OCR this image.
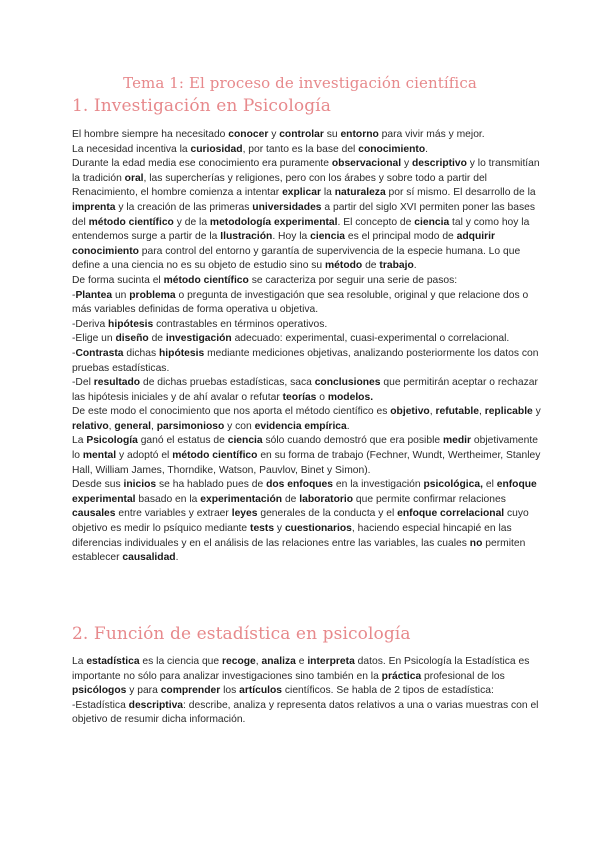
Tema 1: El proceso de investigación científica
1. Investigación en Psicología

El hombre siempre ha necesitado conocer y controlar su entorno para vivir más y mejor.

La necesidad incentiva la curiosidad, por tanto es la base del conocimiento.

Durante la edad media ese conocimiento era puramente observacional y descriptivo y lo transmitían la tradición oral, las supercherías y religiones, pero con los árabes y sobre todo a partir del Renacimiento, el hombre comienza a intentar explicar la naturaleza por sí mismo. El desarrollo de la imprenta y la creación de las primeras universidades a partir del siglo XVI permiten poner las bases del método científico y de la metodología experimental. El concepto de ciencia tal y como hoy la entendemos surge a partir de la Ilustración. Hoy la ciencia es el principal modo de adquirir conocimiento para control del entorno y garantía de supervivencia de la especie humana. Lo que define a una ciencia no es su objeto de estudio sino su método de trabajo.

De forma sucinta el método científico se caracteriza por seguir una serie de pasos:

-Plantea un problema o pregunta de investigación que sea resoluble, original y que relacione dos o más variables definidas de forma operativa u objetiva.

-Deriva hipótesis contrastables en términos operativos.

-Elige un diseño de investigación adecuado: experimental, cuasi-experimental o correlacional.

-Contrasta dichas hipótesis mediante mediciones objetivas, analizando posteriormente los datos con pruebas estadísticas.

-Del resultado de dichas pruebas estadísticas, saca conclusiones que permitirán aceptar o rechazar las hipótesis iniciales y de ahí avalar o refutar teorías o modelos.

De este modo el conocimiento que nos aporta el método científico es objetivo, refutable, replicable y relativo, general, parsimonioso y con evidencia empírica.

La Psicología ganó el estatus de ciencia sólo cuando demostró que era posible medir objetivamente lo mental y adoptó el método científico en su forma de trabajo (Fechner, Wundt, Wertheimer, Stanley Hall, William James, Thorndike, Watson, Pauvlov, Binet y Simon).

Desde sus inicios se ha hablado pues de dos enfoques en la investigación psicológica, el enfoque experimental basado en la experimentación de laboratorio que permite confirmar relaciones causales entre variables y extraer leyes generales de la conducta y el enfoque correlacional cuyo objetivo es medir lo psíquico mediante tests y cuestionarios, haciendo especial hincapié en las diferencias individuales y en el análisis de las relaciones entre las variables, las cuales no permiten establecer causalidad.

2. Función de estadística en psicología

La estadística es la ciencia que recoge, analiza e interpreta datos. En Psicología la Estadística es importante no sólo para analizar investigaciones sino también en la práctica profesional de los psicólogos y para comprender los artículos científicos. Se habla de 2 tipos de estadística:

-Estadística descriptiva: describe, analiza y representa datos relativos a una o varias muestras con el objetivo de resumir dicha información.
